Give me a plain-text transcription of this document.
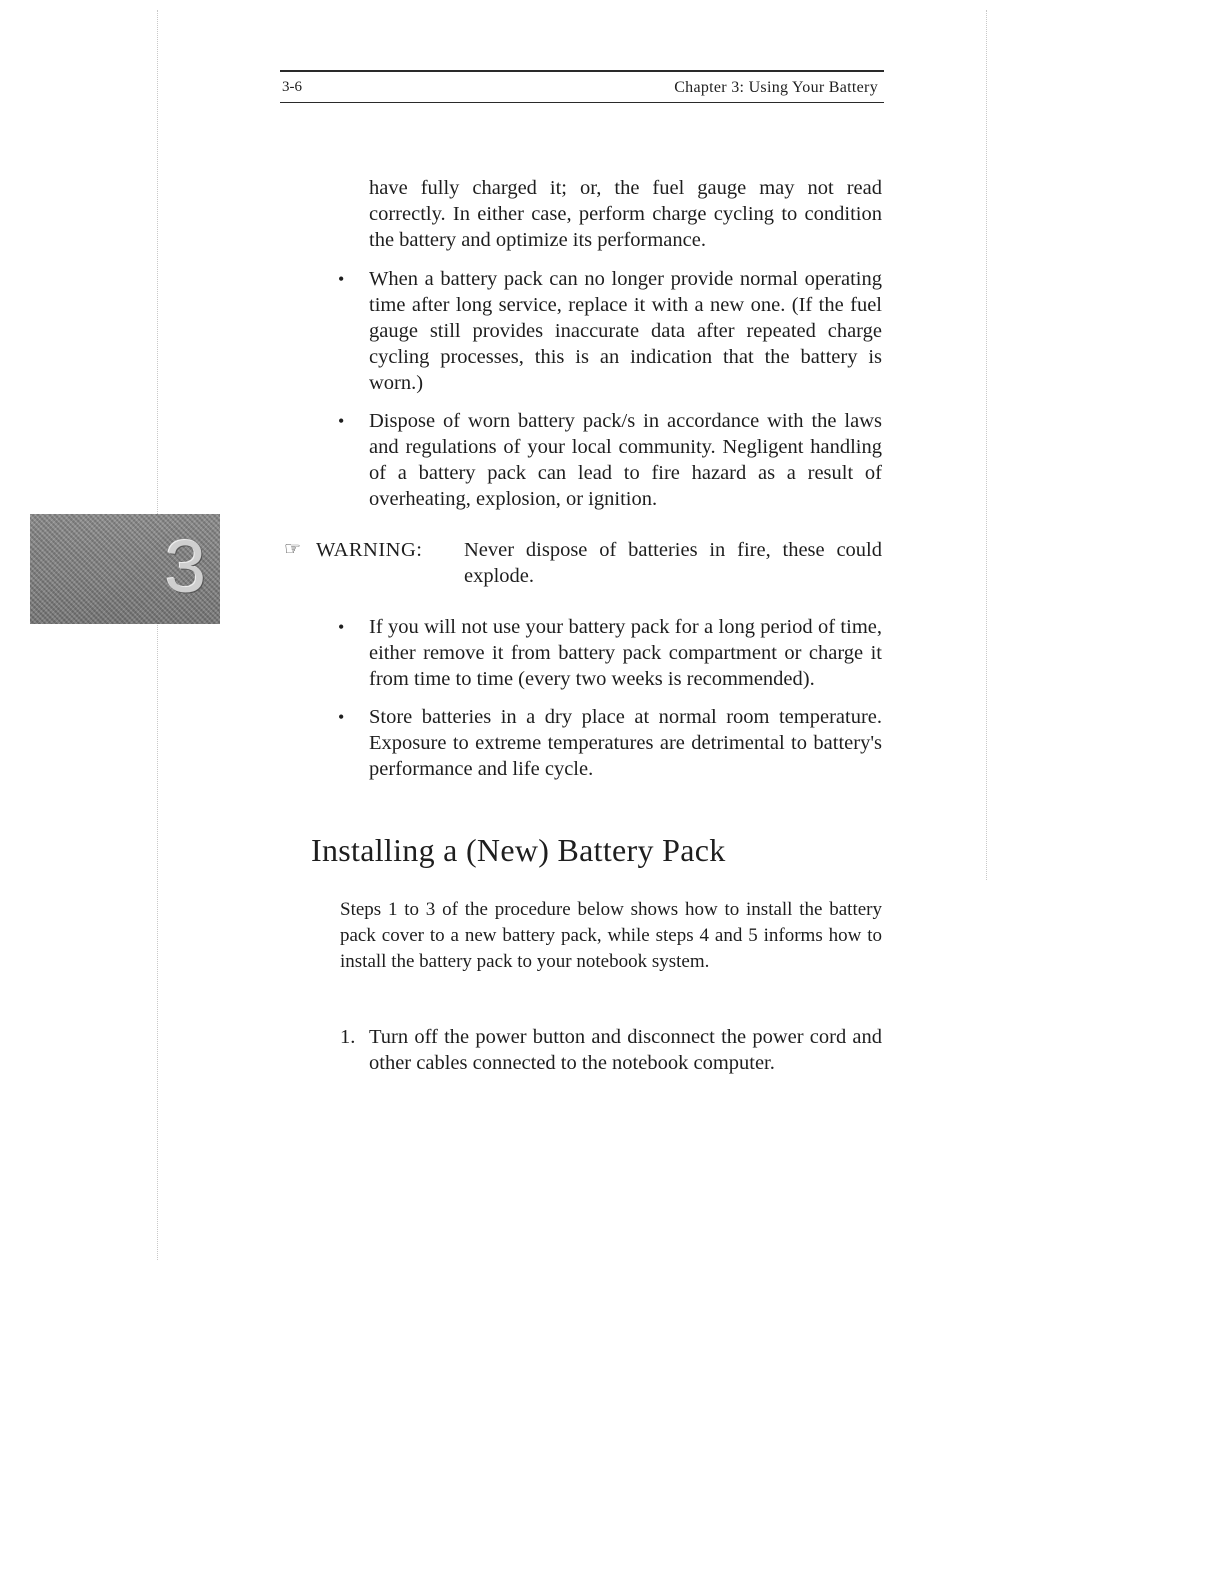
3-6	Chapter 3: Using Your Battery
3

have fully charged it; or, the fuel gauge may not read correctly. In either case, perform charge cycling to condition the battery and optimize its performance.

• When a battery pack can no longer provide normal operating time after long service, replace it with a new one. (If the fuel gauge still provides inaccurate data after repeated charge cycling processes, this is an indication that the battery is worn.)
• Dispose of worn battery pack/s in accordance with the laws and regulations of your local community. Negligent handling of a battery pack can lead to fire hazard as a result of overheating, explosion, or ignition.
☞ WARNING: Never dispose of batteries in fire, these could explode.
• If you will not use your battery pack for a long period of time, either remove it from battery pack compartment or charge it from time to time (every two weeks is recommended).
• Store batteries in a dry place at normal room temperature. Exposure to extreme temperatures are detrimental to battery's performance and life cycle.
Installing a (New) Battery Pack

Steps 1 to 3 of the procedure below shows how to install the battery pack cover to a new battery pack, while steps 4 and 5 informs how to install the battery pack to your notebook system.

1. Turn off the power button and disconnect the power cord and other cables connected to the notebook computer.
